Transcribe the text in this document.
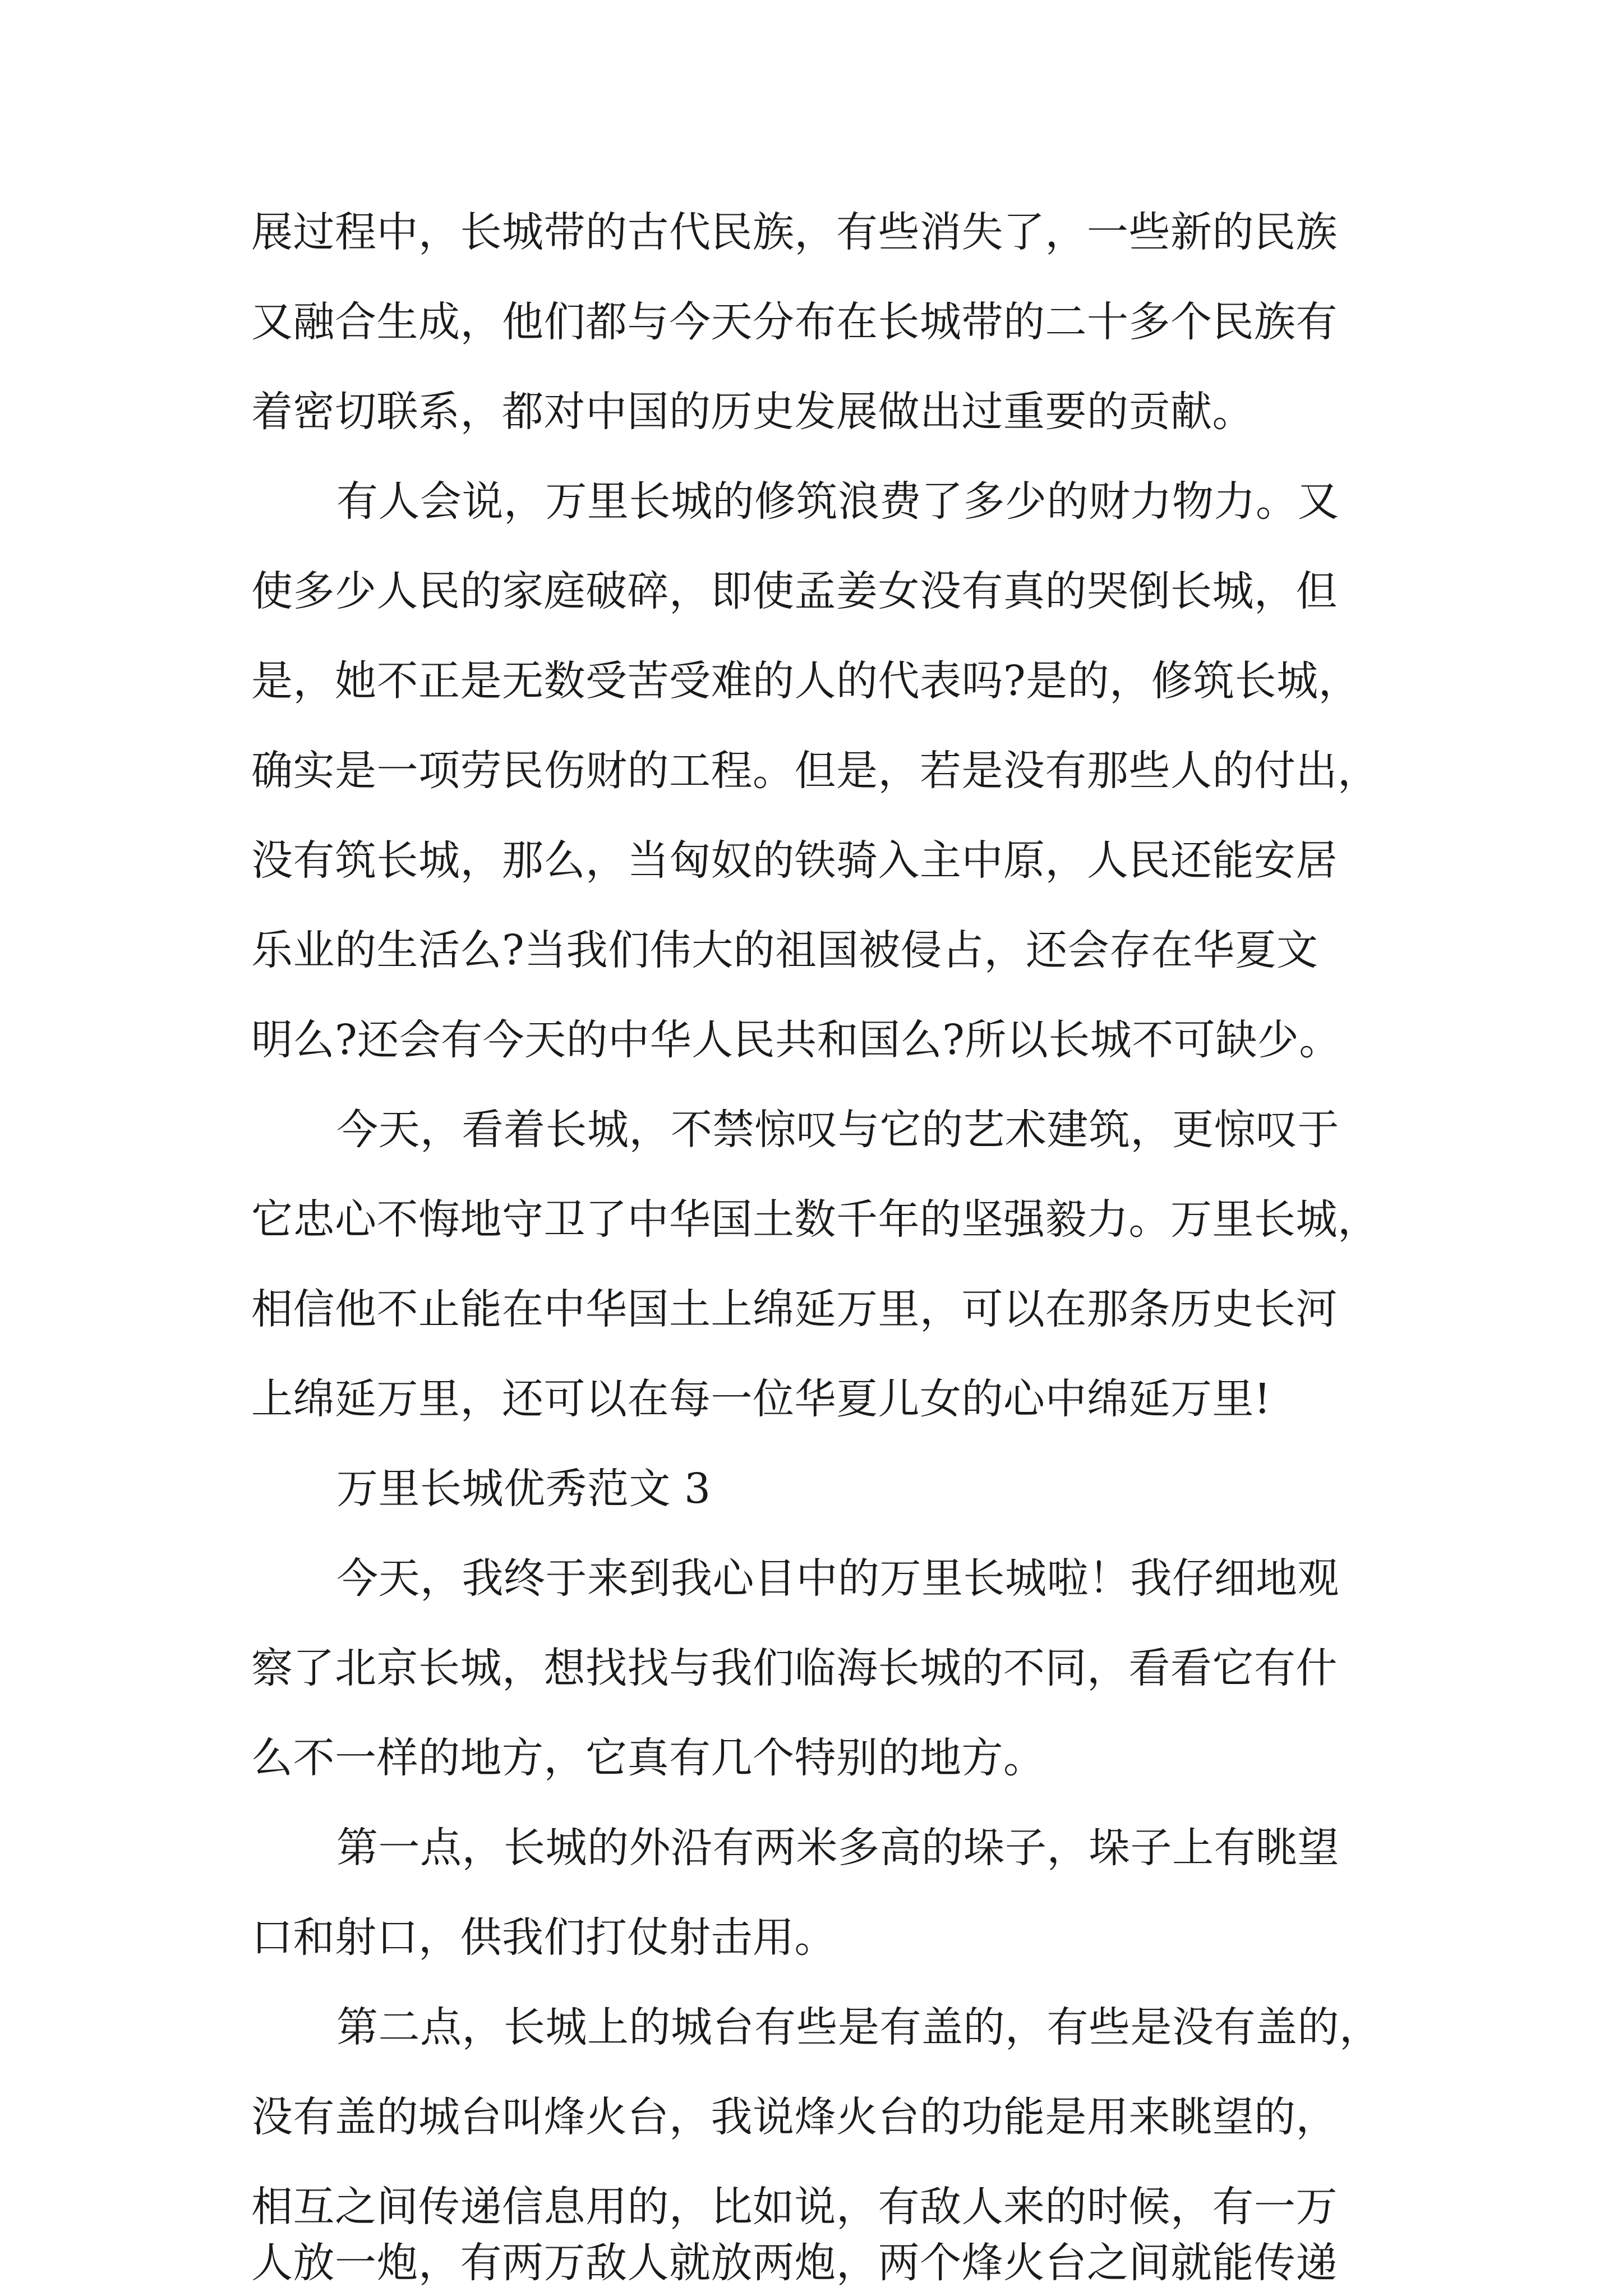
展过程中，长城带的古代民族，有些消失了，一些新的民族
又融合生成，他们都与今天分布在长城带的二十多个民族有
着密切联系，都对中国的历史发展做出过重要的贡献。
有人会说，万里长城的修筑浪费了多少的财力物力。又
使多少人民的家庭破碎，即使孟姜女没有真的哭倒长城，但
是，她不正是无数受苦受难的人的代表吗?是的，修筑长城，
确实是一项劳民伤财的工程。但是，若是没有那些人的付出，
没有筑长城，那么，当匈奴的铁骑入主中原，人民还能安居
乐业的生活么?当我们伟大的祖国被侵占，还会存在华夏文
明么?还会有今天的中华人民共和国么?所以长城不可缺少。
今天，看着长城，不禁惊叹与它的艺术建筑，更惊叹于
它忠心不悔地守卫了中华国土数千年的坚强毅力。万里长城，
相信他不止能在中华国土上绵延万里，可以在那条历史长河
上绵延万里，还可以在每一位华夏儿女的心中绵延万里!
万里长城优秀范文 3
今天，我终于来到我心目中的万里长城啦！我仔细地观
察了北京长城，想找找与我们临海长城的不同，看看它有什
么不一样的地方，它真有几个特别的地方。
第一点，长城的外沿有两米多高的垛子，垛子上有眺望
口和射口，供我们打仗射击用。
第二点，长城上的城台有些是有盖的，有些是没有盖的，
没有盖的城台叫烽火台，我说烽火台的功能是用来眺望的，
相互之间传递信息用的，比如说，有敌人来的时候，有一万
人放一炮，有两万敌人就放两炮，两个烽火台之间就能传递
